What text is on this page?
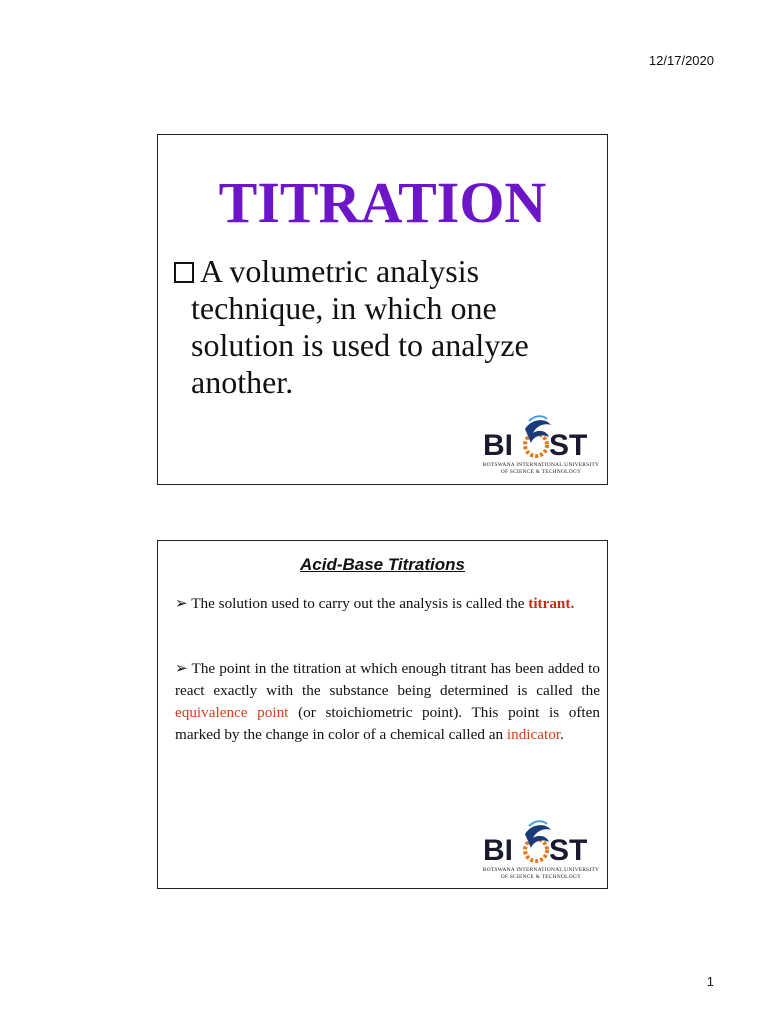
12/17/2020
TITRATION
A volumetric analysis
technique, in which one
solution is used to analyze
another.
BI ST
BOTSWANA INTERNATIONAL UNIVERSITY
OF SCIENCE & TECHNOLOGY
Acid-Base Titrations
➢ The solution used to carry out the analysis is called the titrant.
➢ The point in the titration at which enough titrant has been added to react exactly with the substance being determined is called the equivalence point (or stoichiometric point). This point is often marked by the change in color of a chemical called an indicator.
BI ST
BOTSWANA INTERNATIONAL UNIVERSITY
OF SCIENCE & TECHNOLOGY
1
